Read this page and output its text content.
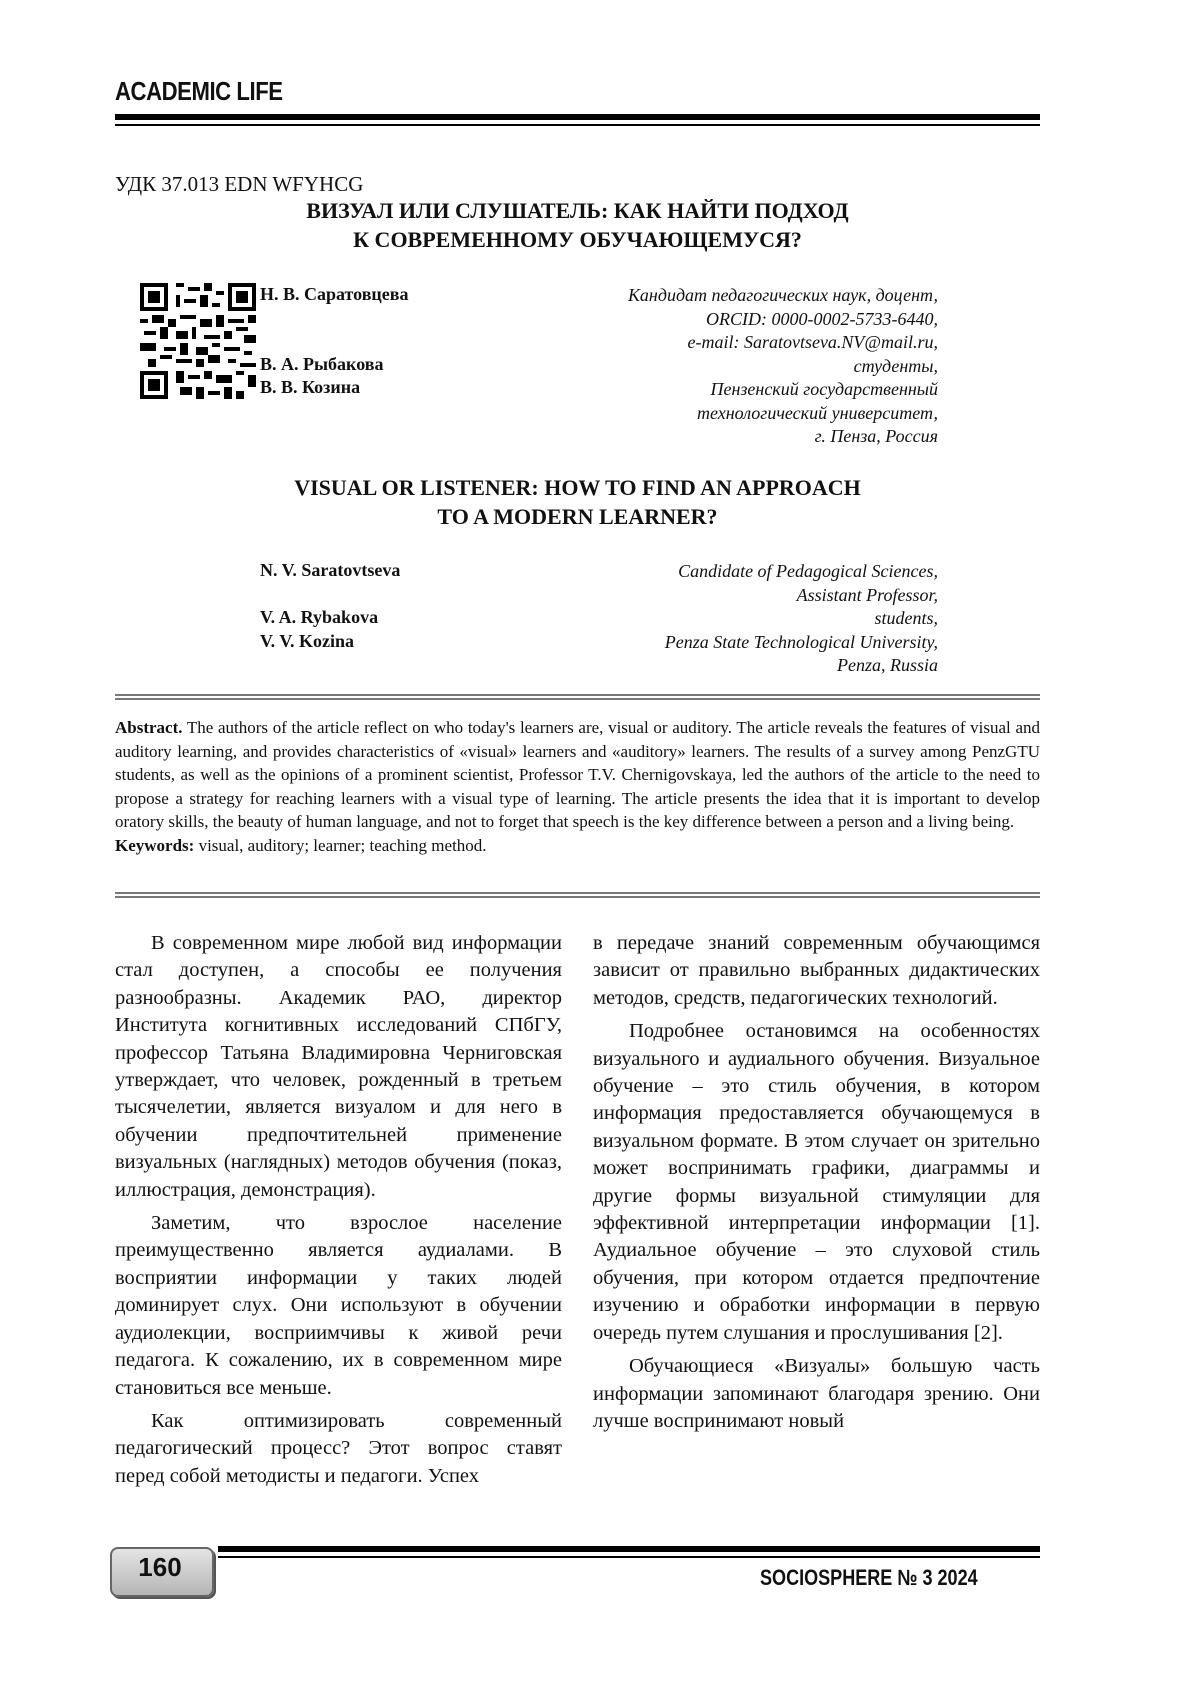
ACADEMIC LIFE
УДК 37.013 EDN WFYHCG
ВИЗУАЛ ИЛИ СЛУШАТЕЛЬ: КАК НАЙТИ ПОДХОД
К СОВРЕМЕННОМУ ОБУЧАЮЩЕМУСЯ?
Н. В. Саратовцева
В. А. Рыбакова
В. В. Козина
Кандидат педагогических наук, доцент,
ORCID: 0000-0002-5733-6440,
e-mail: Saratovtseva.NV@mail.ru,
студенты,
Пензенский государственный
технологический университет,
г. Пенза, Россия
VISUAL OR LISTENER: HOW TO FIND AN APPROACH
TO A MODERN LEARNER?
N. V. Saratovtseva
V. A. Rybakova
V. V. Kozina
Candidate of Pedagogical Sciences,
Assistant Professor,
students,
Penza State Technological University,
Penza, Russia
Abstract. The authors of the article reflect on who today's learners are, visual or auditory. The article reveals the features of visual and auditory learning, and provides characteristics of «visual» learners and «auditory» learners. The results of a survey among PenzGTU students, as well as the opinions of a prominent scientist, Professor T.V. Chernigovskaya, led the authors of the article to the need to propose a strategy for reaching learners with a visual type of learning. The article presents the idea that it is important to develop oratory skills, the beauty of human language, and not to forget that speech is the key difference between a person and a living being.
Keywords: visual, auditory; learner; teaching method.

В современном мире любой вид информации стал доступен, а способы ее получения разнообразны. Академик РАО, директор Института когнитивных исследований СПбГУ, профессор Татьяна Владимировна Черниговская утверждает, что человек, рожденный в третьем тысячелетии, является визуалом и для него в обучении предпочтительней применение визуальных (наглядных) методов обучения (показ, иллюстрация, демонстрация).

Заметим, что взрослое население преимущественно является аудиалами. В восприятии информации у таких людей доминирует слух. Они используют в обучении аудиолекции, восприимчивы к живой речи педагога. К сожалению, их в современном мире становиться все меньше.

Как оптимизировать современный педагогический процесс? Этот вопрос ставят перед собой методисты и педагоги. Успех

в передаче знаний современным обучающимся зависит от правильно выбранных дидактических методов, средств, педагогических технологий.

Подробнее остановимся на особенностях визуального и аудиального обучения. Визуальное обучение – это стиль обучения, в котором информация предоставляется обучающемуся в визуальном формате. В этом случает он зрительно может воспринимать графики, диаграммы и другие формы визуальной стимуляции для эффективной интерпретации информации [1]. Аудиальное обучение – это слуховой стиль обучения, при котором отдается предпочтение изучению и обработки информации в первую очередь путем слушания и прослушивания [2].

Обучающиеся «Визуалы» большую часть информации запоминают благодаря зрению. Они лучше воспринимают новый

160	SOCIOSPHERE № 3 2024
